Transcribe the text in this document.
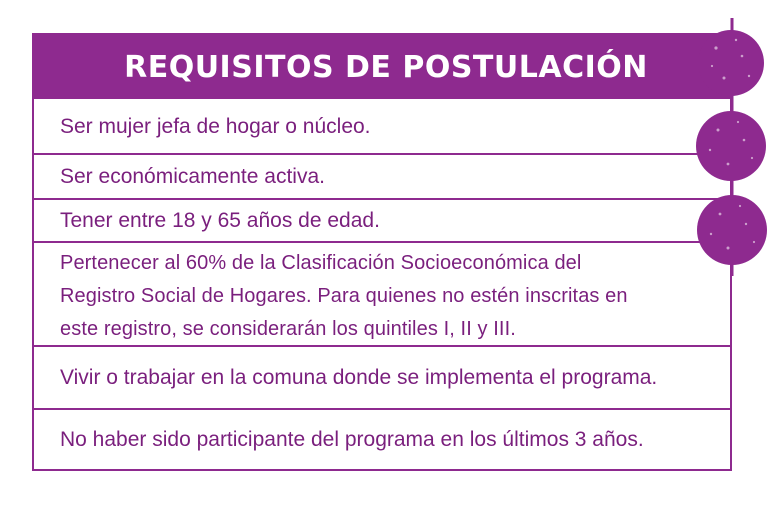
REQUISITOS DE POSTULACIÓN
Ser mujer jefa de hogar o núcleo.
Ser económicamente activa.
Tener entre 18 y 65 años de edad.
Pertenecer al 60% de la Clasificación Socioeconómica del
Registro Social de Hogares. Para quienes no estén inscritas en
este registro, se considerarán los quintiles I, II y III.
Vivir o trabajar en la comuna donde se implementa el programa.
No haber sido participante del programa en los últimos 3 años.
